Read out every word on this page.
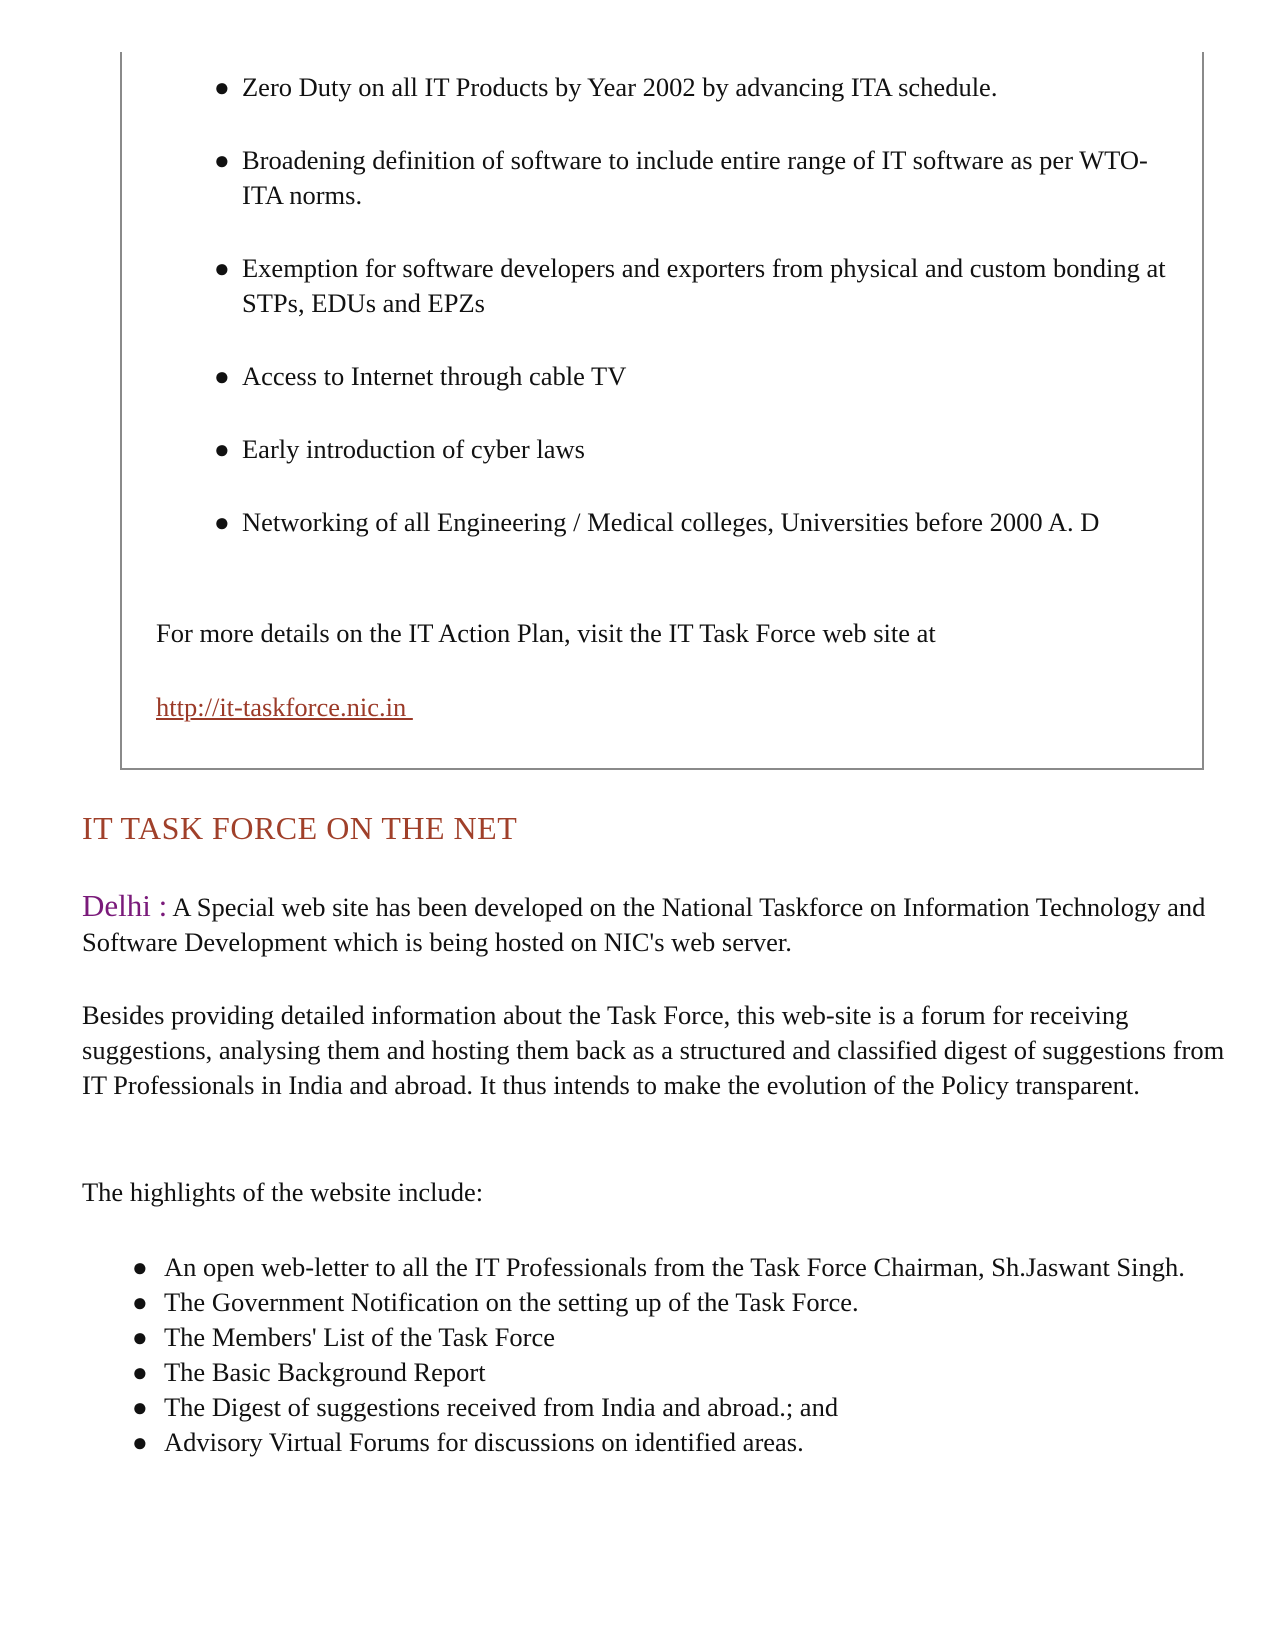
● Zero Duty on all IT Products by Year 2002 by advancing ITA schedule.
● Broadening definition of software to include entire range of IT software as per WTO-ITA norms.
● Exemption for software developers and exporters from physical and custom bonding at STPs, EDUs and EPZs
● Access to Internet through cable TV
● Early introduction of cyber laws
● Networking of all Engineering / Medical colleges, Universities before 2000 A. D

For more details on the IT Action Plan, visit the IT Task Force web site at

http://it-taskforce.nic.in
IT TASK FORCE ON THE NET

Delhi : A Special web site has been developed on the National Taskforce on Information Technology and Software Development which is being hosted on NIC's web server.

Besides providing detailed information about the Task Force, this web-site is a forum for receiving suggestions, analysing them and hosting them back as a structured and classified digest of suggestions from IT Professionals in India and abroad. It thus intends to make the evolution of the Policy transparent.

The highlights of the website include:

● An open web-letter to all the IT Professionals from the Task Force Chairman, Sh.Jaswant Singh.
● The Government Notification on the setting up of the Task Force.
● The Members' List of the Task Force
● The Basic Background Report
● The Digest of suggestions received from India and abroad.; and
● Advisory Virtual Forums for discussions on identified areas.
